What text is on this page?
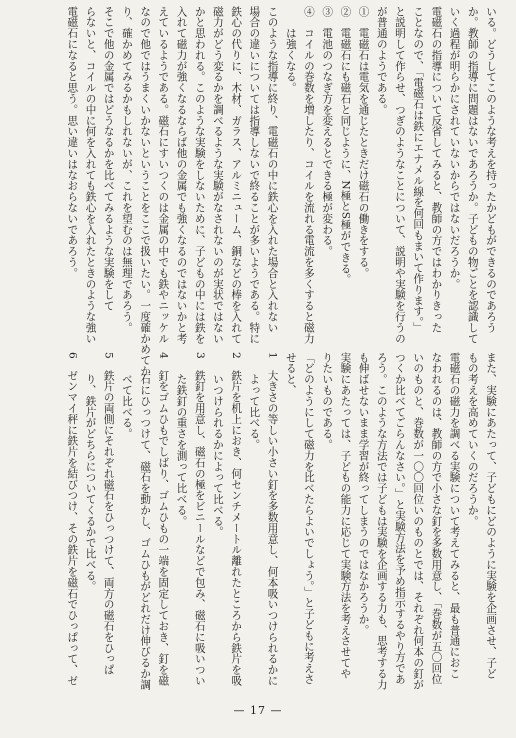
いる。どうしてこのような考えを持ったかどもができるのであろう
か。教師の指導に問題はないであろうか。子どもの物ごとを認識して
いく過程が明らかにされていないからではないだろうか。
電磁石の指導について反省してみると、教師の方ではわかりきった
ことなので、「電磁石は鉄にエナメル線を何回もまいて作ります。」
と説明して作らせ、つぎのようなことについて、説明や実験を行うの
が普通のようである。
①　電磁石は電気を通じたときだけ磁石の働きをする。
②　電磁石にも磁石と同じように、N極とS極ができる。
③　電池のつなぎ方を変えるとできる極が変わる。
④　コイルの巻数を増したり、コイルを流れる電流を多くすると磁力
　　は強くなる。
このような指導に終り、電磁石の中に鉄心を入れた場合と入れない
場合の違いについては指導しないで終ることが多いようである。特に
鉄心の代りに、木材、ガラス、アルミニューム、銅などの棒を入れて
磁力がどう変るかを調べるような実験がなされないのが実状ではない
かと思われる。このような実験をしないために、子どもの中には鉄を
入れて磁力が強くなるならば他の金属でも強くなるのではないかと考
えているようである。磁石にすいつくのは金属の中でも鉄やニッケル
なので他ではうまくいかないということをここで扱いたい。一度確かめてか
り、確かめてみるかもしれないが、これを望むのは無理であろう。
そこで他の金属ではどうなるかを比べてみるような実験をして
らないと、コイルの中に何を入れても鉄心を入れたときのような強い
電磁石になると思う。思い違いはなおらないであろう。
また、実験にあたって、子どもにどのように実験を企画させ、子ど
もの考えを高めていくのだろうか。
電磁石の磁力を調べる実験について考えてみると、最も普通におこ
なわれるのは、教師の方で小さな釘を多数用意し、「巻数が五〇回位
いのものと、巻数が一〇〇回位いのものとでは、それぞれ何本の釘が
つくか比べてごらんなさい。」と実験方法を予め指示するやり方であ
ろう。このような方法では子どもは実験を企画する力も、思考する力
も伸ばせないまま学習が終ってしまうのではなかろうか。
実験にあたっては、子どもの能力に応じて実験方法を考えさせてや
りたいものである。
「どのようにして磁力を比べたらよいでしょう。」と子どもに考えさ
せると、
1　大きさの等しい小さい釘を多数用意し、何本吸いつけられるかに
　　よって比べる。
2　鉄片を机上におき、何センチメートル離れたところから鉄片を吸
　　いつけられるかによって比べる。
3　鉄釘を用意し、磁石の極をビニールなどで包み、磁石に吸いつい
　　た鉄釘の重さを測って比べる。
4　釘をゴムひもでしばり、ゴムひもの一端を固定しておき、釘を磁
　　石にひっつけて、磁石を動かし、ゴムひもがどれだけ伸びるか調
　　べて比べる。
5　鉄片の両側にそれぞれ磁石をひっつけて、両方の磁石をひっぱ
　　り、鉄片がどちらについてくるかで比べる。
6　ゼンマイ秤に鉄片を結びつけ、その鉄片を磁石でひっぱって、ゼ
— 17 —
